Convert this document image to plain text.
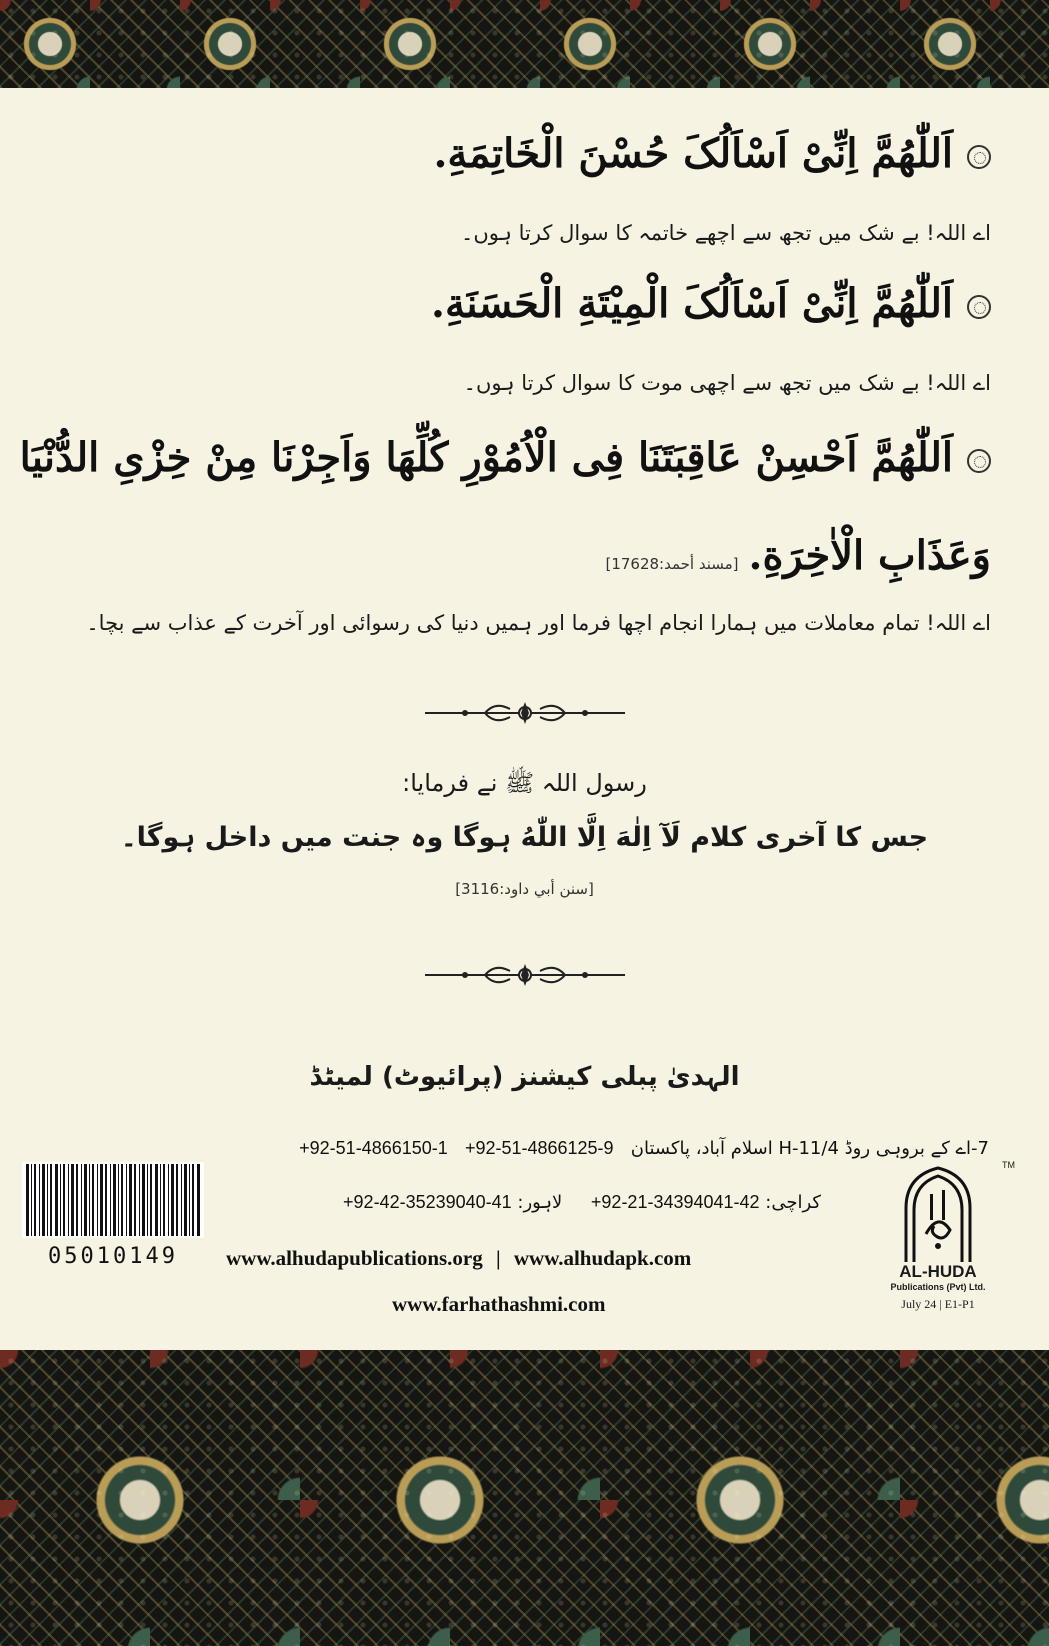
اَللّٰهُمَّ اِنِّیْ اَسْاَلُکَ حُسْنَ الْخَاتِمَةِ.
اے اللہ! بے شک میں تجھ سے اچھے خاتمہ کا سوال کرتا ہوں۔
اَللّٰهُمَّ اِنِّیْ اَسْاَلُکَ الْمِیْتَةِ الْحَسَنَةِ.
اے اللہ! بے شک میں تجھ سے اچھی موت کا سوال کرتا ہوں۔
اَللّٰهُمَّ اَحْسِنْ عَاقِبَتَنَا فِی الْاُمُوْرِ کُلِّهَا وَاَجِرْنَا مِنْ خِزْیِ الدُّنْیَا
وَعَذَابِ الْاٰخِرَةِ.[مسند أحمد:17628]
اے اللہ! تمام معاملات میں ہمارا انجام اچھا فرما اور ہمیں دنیا کی رسوائی اور آخرت کے عذاب سے بچا۔
رسول اللہ ﷺ نے فرمایا:
جس کا آخری کلام لَآ اِلٰهَ اِلَّا اللّٰهُ ہوگا وہ جنت میں داخل ہوگا۔
[سنن أبي داود:3116]
الہدیٰ پبلی کیشنز (پرائیوٹ) لمیٹڈ
7-اے کے بروہی روڈ H-11/4 اسلام آباد، پاکستان   +92-51-4866150-1 +92-51-4866125-9
کراچی: +92-21-34394041-42     لاہور: +92-42-35239040-41
www.alhudapublications.org | www.alhudapk.com
www.farhathashmi.com
05010149
TM
AL-HUDA
Publications (Pvt) Ltd.
July 24 | E1-P1
